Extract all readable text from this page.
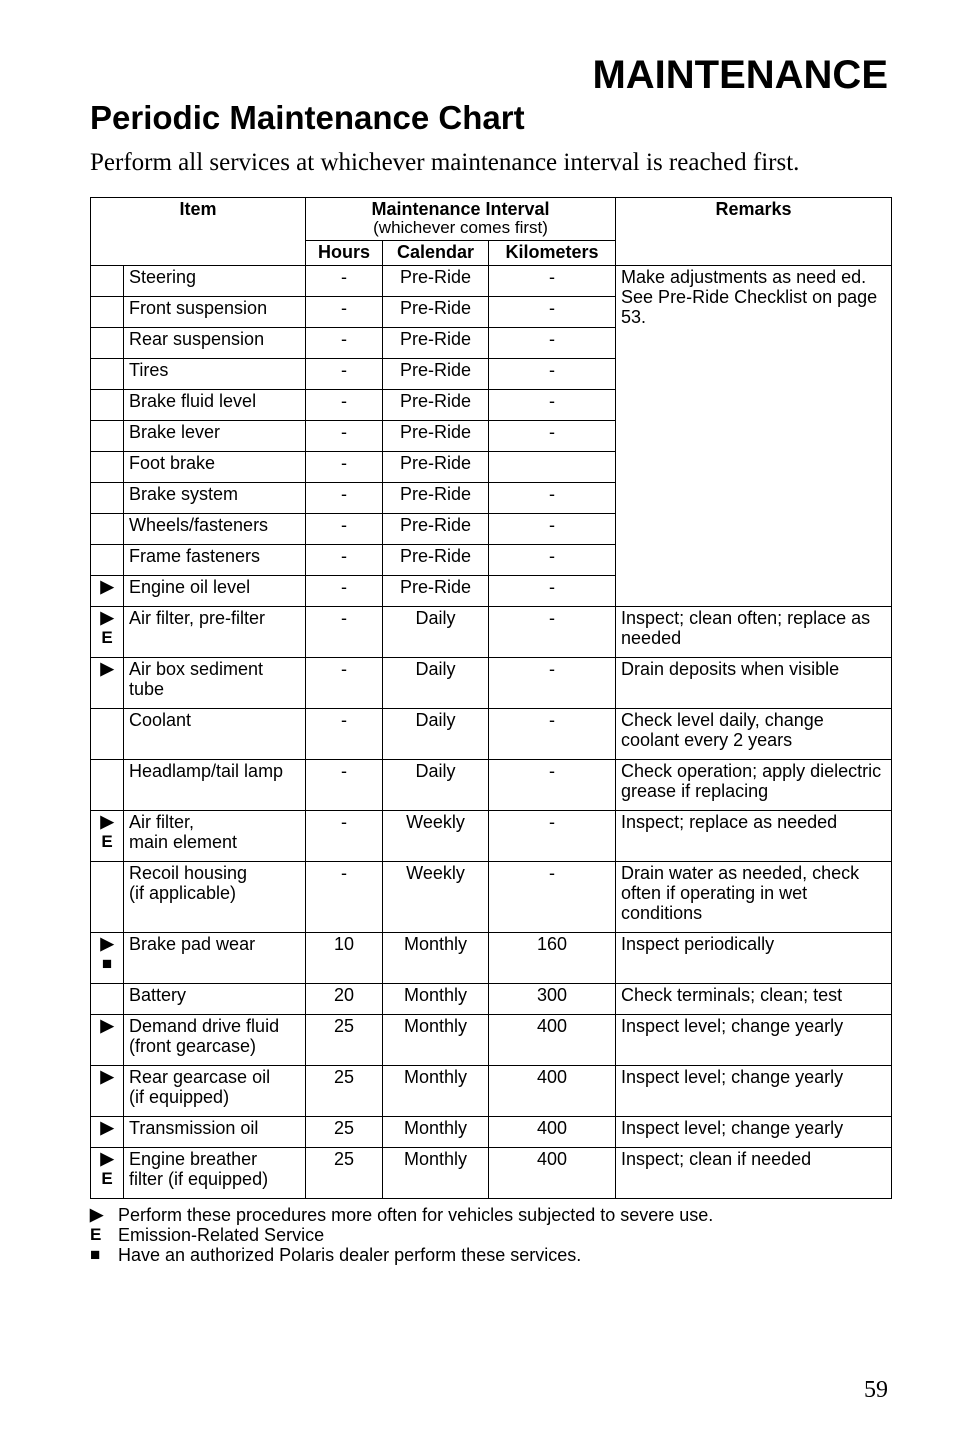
MAINTENANCE
Periodic Maintenance Chart

Perform all services at whichever maintenance interval is reached first.

Item		Maintenance Interval
(whichever comes first)			Remarks
		Hours	Calendar	Kilometers	

	Steering	-	Pre-Ride	-	Make adjustments as need ed. See Pre-Ride Checklist on page 53.

	Front suspension	-	Pre-Ride	-	

	Rear suspension	-	Pre-Ride	-	

	Tires	-	Pre-Ride	-	

	Brake fluid level	-	Pre-Ride	-	

	Brake lever	-	Pre-Ride	-	

	Foot brake	-	Pre-Ride		

	Brake system	-	Pre-Ride	-	

	Wheels/fasteners	-	Pre-Ride	-	

	Frame fasteners	-	Pre-Ride	-	

▶	Engine oil level	-	Pre-Ride	-	

▶
E	Air filter, pre-filter	-	Daily	-	Inspect; clean often; replace as needed

▶	Air box sediment tube	-	Daily	-	Drain deposits when visible

	Coolant	-	Daily	-	Check level daily, change coolant every 2 years

	Headlamp/tail lamp	-	Daily	-	Check operation; apply dielectric grease if replacing

▶
E	Air filter,
main element	-	Weekly	-	Inspect; replace as needed

	Recoil housing
(if applicable)	-	Weekly	-	Drain water as needed, check often if operating in wet conditions

▶
■	Brake pad wear	10	Monthly	160	Inspect periodically

	Battery	20	Monthly	300	Check terminals; clean; test

▶	Demand drive fluid
(front gearcase)	25	Monthly	400	Inspect level; change yearly

▶	Rear gearcase oil
(if equipped)	25	Monthly	400	Inspect level; change yearly

▶	Transmission oil	25	Monthly	400	Inspect level; change yearly

▶
E	Engine breather
filter (if equipped)	25	Monthly	400	Inspect; clean if needed
▶ Perform these procedures more often for vehicles subjected to severe use.
E Emission-Related Service
■ Have an authorized Polaris dealer perform these services.
59
